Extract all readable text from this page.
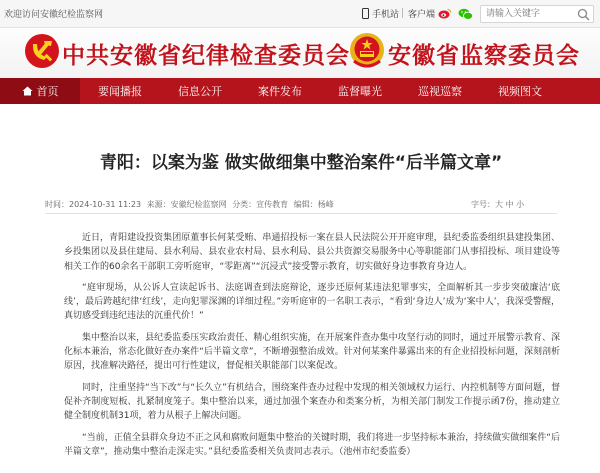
欢迎访问安徽纪检监察网	手机站 客户端
请输入关键字
中共安徽省纪律检查委员会 安徽省监察委员会
首页	要闻播报	信息公开	案件发布	监督曝光	巡视巡察	视频图文
青阳：以案为鉴 做实做细集中整治案件“后半篇文章”
时间：2024-10-31 11:23 来源：安徽纪检监察网 分类：宣传教育 编辑：杨峰	字号：大 中 小

近日，青阳建设投资集团原董事长何某受贿、串通招投标一案在县人民法院公开开庭审理，县纪委监委组织县建投集团、乡投集团以及县住建局、县水利局、县农业农村局、县水利局、县公共资源交易服务中心等职能部门从事招投标、项目建设等相关工作的60余名干部职工旁听庭审，“零距离”“沉浸式”接受警示教育，切实做好身边事教育身边人。

“庭审现场，从公诉人宣读起诉书、法庭调查到法庭辩论，逐步还原何某违法犯罪事实，全面解析其一步步突破廉洁‘底线’，最后跨越纪律‘红线’，走向犯罪深渊的详细过程。”旁听庭审的一名职工表示，“看到‘身边人’成为‘案中人’，我深受警醒，真切感受到违纪违法的沉重代价！”

集中整治以来，县纪委监委压实政治责任、精心组织实施，在开展案件查办集中攻坚行动的同时，通过开展警示教育、深化标本兼治，常态化做好查办案件“后半篇文章”，不断增强整治成效。针对何某案件暴露出来的有企业招投标问题，深刻剖析原因，找准解决路径，提出可行性建议，督促相关职能部门以案促改。

同时，注重坚持“当下改”与“长久立”有机结合，围绕案件查办过程中发现的相关领域权力运行、内控机制等方面问题，督促补齐制度短板、扎紧制度笼子。集中整治以来，通过加强个案查办和类案分析，为相关部门制发工作提示函7份，推动建立健全制度机制31项，着力从根子上解决问题。

“当前，正值全县群众身边不正之风和腐败问题集中整治的关键时期，我们将进一步坚持标本兼治，持续做实做细案件“后半篇文章”，推动集中整治走深走实。”县纪委监委相关负责同志表示。（池州市纪委监委）
